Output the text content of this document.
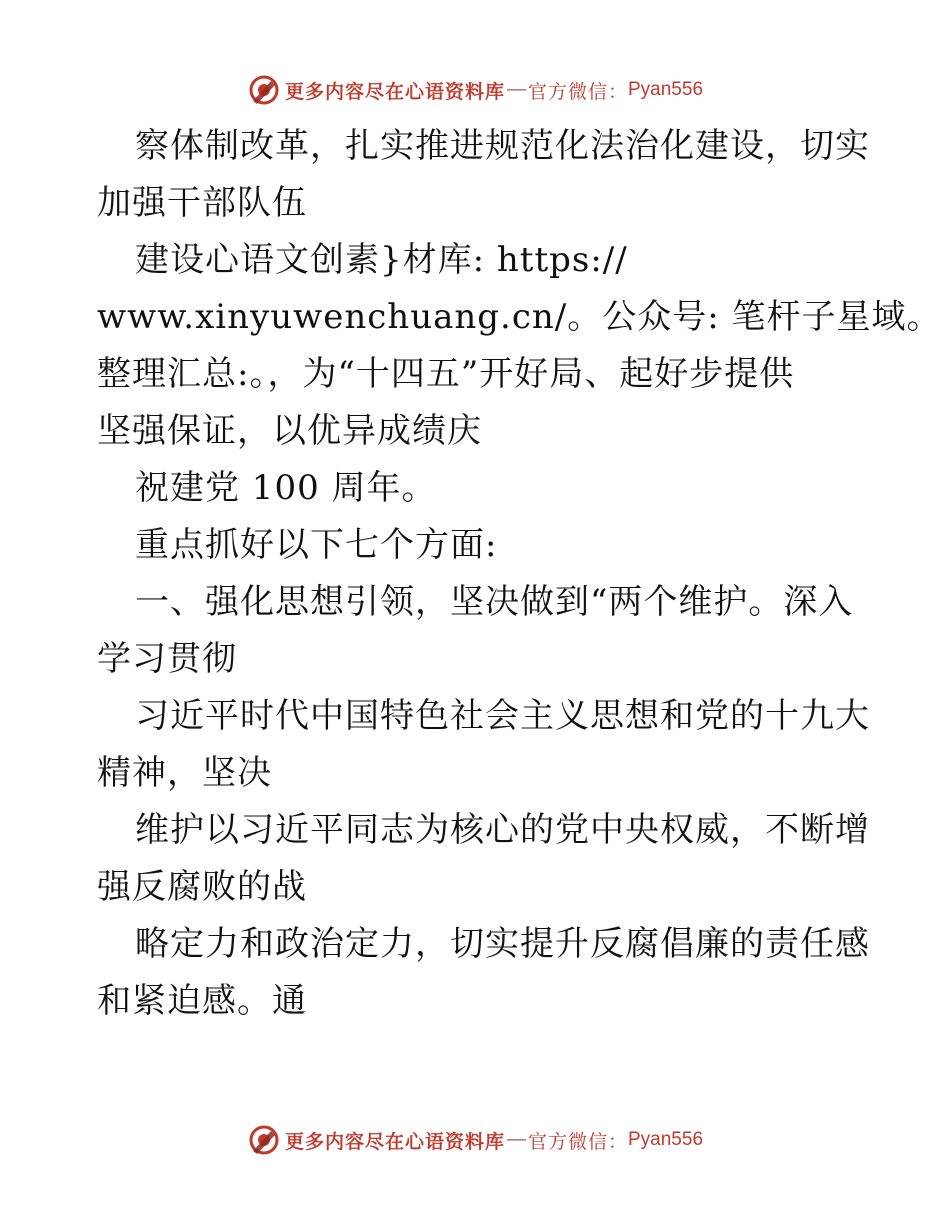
更多内容尽在心语资料库 — 官方微信： Pyan556

察体制改革，扎实推进规范化法治化建设，切实

加强干部队伍

建设心语文创素}材库: https://

www.xinyuwenchuang.cn/。公众号: 笔杆子星域。

整理汇总:。，为“十四五”开好局、起好步提供

坚强保证，以优异成绩庆

祝建党 100 周年。

重点抓好以下七个方面:

一、强化思想引领，坚决做到“两个维护。深入

学习贯彻

习近平时代中国特色社会主义思想和党的十九大

精神，坚决

维护以习近平同志为核心的党中央权威，不断增

强反腐败的战

略定力和政治定力，切实提升反腐倡廉的责任感

和紧迫感。通

更多内容尽在心语资料库 — 官方微信： Pyan556
